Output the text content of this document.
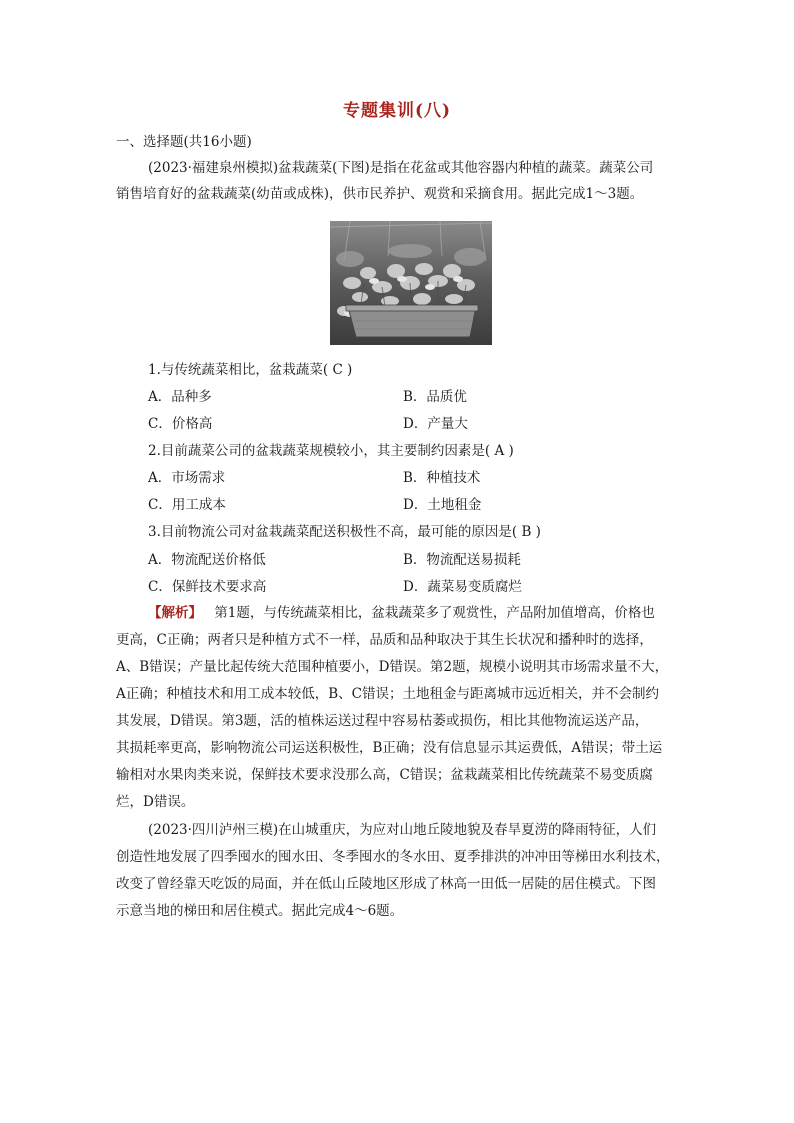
专题集训(八)
一、选择题(共16小题)
(2023·福建泉州模拟)盆栽蔬菜(下图)是指在花盆或其他容器内种植的蔬菜。蔬菜公司
销售培育好的盆栽蔬菜(幼苗或成株)，供市民养护、观赏和采摘食用。据此完成1～3题。
1.与传统蔬菜相比，盆栽蔬菜( C )
A．品种多	B．品质优
C．价格高	D．产量大
2.目前蔬菜公司的盆栽蔬菜规模较小，其主要制约因素是( A )
A．市场需求	B．种植技术
C．用工成本	D．土地租金
3.目前物流公司对盆栽蔬菜配送积极性不高，最可能的原因是( B )
A．物流配送价格低	B．物流配送易损耗
C．保鲜技术要求高	D．蔬菜易变质腐烂
【解析】 第1题，与传统蔬菜相比，盆栽蔬菜多了观赏性，产品附加值增高，价格也
更高，C正确；两者只是种植方式不一样，品质和品种取决于其生长状况和播种时的选择，
A、B错误；产量比起传统大范围种植要小，D错误。第2题，规模小说明其市场需求量不大，
A正确；种植技术和用工成本较低，B、C错误；土地租金与距离城市远近相关，并不会制约
其发展，D错误。第3题，活的植株运送过程中容易枯萎或损伤，相比其他物流运送产品，
其损耗率更高，影响物流公司运送积极性，B正确；没有信息显示其运费低，A错误；带土运
输相对水果肉类来说，保鲜技术要求没那么高，C错误；盆栽蔬菜相比传统蔬菜不易变质腐
烂，D错误。
(2023·四川泸州三模)在山城重庆，为应对山地丘陵地貌及春旱夏涝的降雨特征，人们
创造性地发展了四季囤水的囤水田、冬季囤水的冬水田、夏季排洪的冲冲田等梯田水利技术，
改变了曾经靠天吃饭的局面，并在低山丘陵地区形成了林高一田低一居陡的居住模式。下图
示意当地的梯田和居住模式。据此完成4～6题。
